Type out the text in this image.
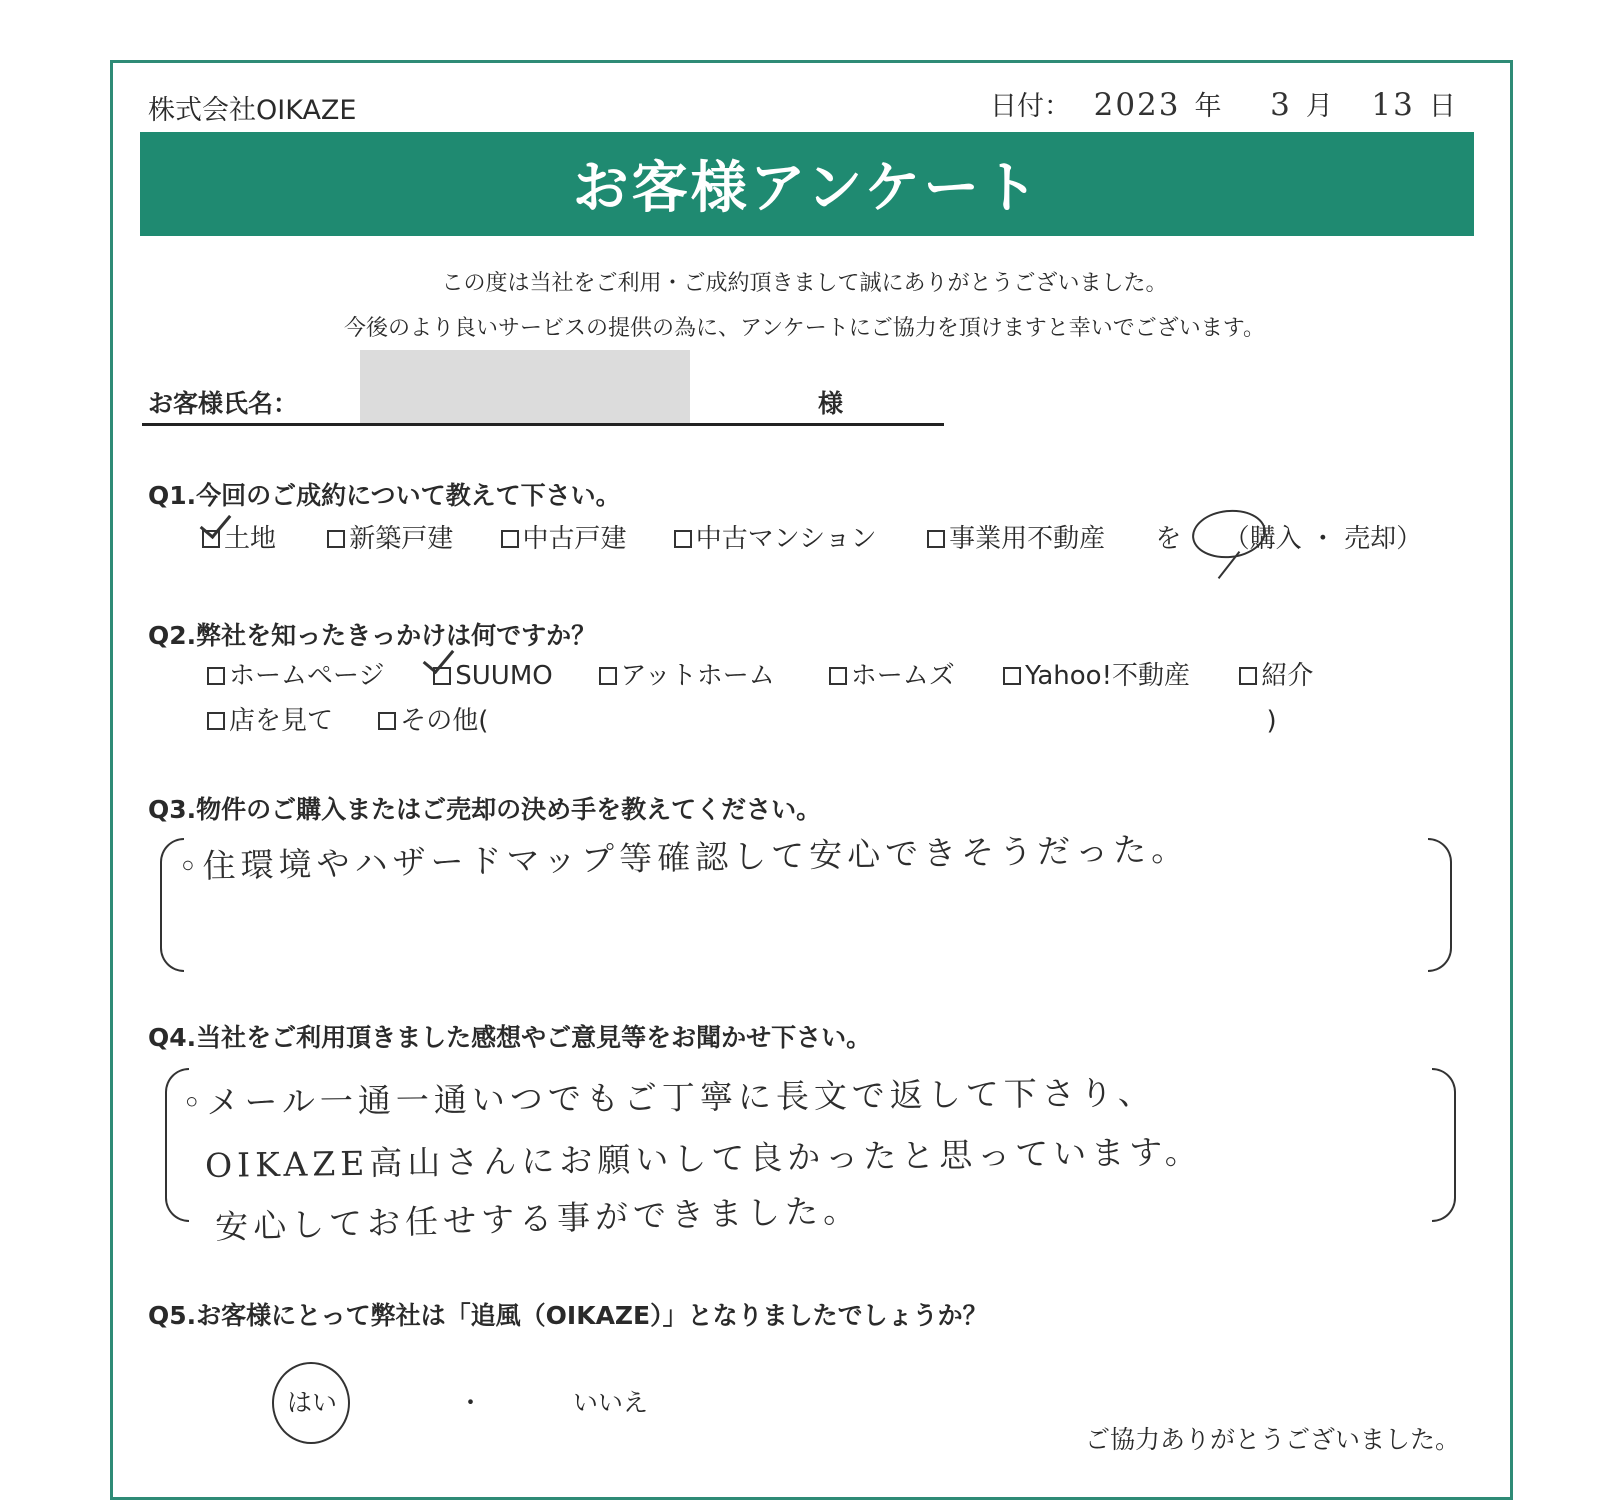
株式会社OIKAZE	日付： 2023 年 3 月 13 日
お客様アンケート
この度は当社をご利用・ご成約頂きまして誠にありがとうございました。
今後のより良いサービスの提供の為に、アンケートにご協力を頂けますと幸いでございます。
お客様氏名：	様
Q1.今回のご成約について教えて下さい。
土地	新築戸建	中古戸建	中古マンション	事業用不動産 を （購入 ・ 売却）
Q2.弊社を知ったきっかけは何ですか？
ホームページ	SUUMO	アットホーム	ホームズ	Yahoo!不動産	紹介
店を見て	その他(	)
Q3.物件のご購入またはご売却の決め手を教えてください。
◦住環境やハザードマップ等確認して安心できそうだった。
Q4.当社をご利用頂きました感想やご意見等をお聞かせ下さい。
◦メール一通一通いつでもご丁寧に長文で返して下さり、
OIKAZE高山さんにお願いして良かったと思っています。
安心してお任せする事ができました。
Q5.お客様にとって弊社は「追風（OIKAZE）」となりましたでしょうか？
はい	・	いいえ
ご協力ありがとうございました。
